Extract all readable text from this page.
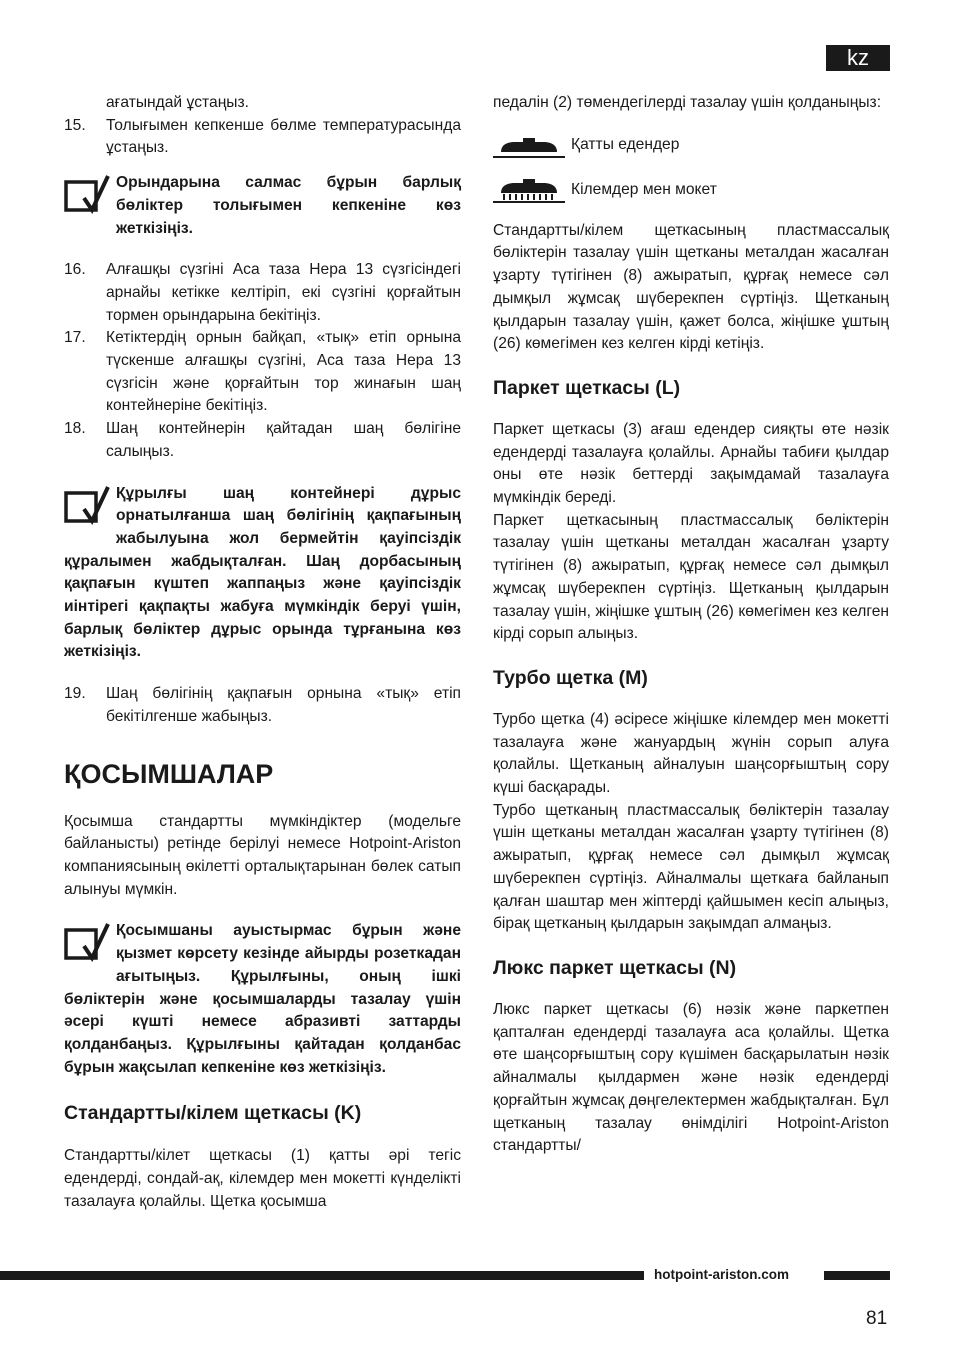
kz

ағатындай ұстаңыз.

15.	Толығымен кепкенше бөлме температурасында ұстаңыз.

Орындарына салмас бұрын барлық бөліктер толығымен кепкеніне көз жеткізіңіз.

16.	Алғашқы сүзгіні Аса таза Hepa 13 сүзгісіндегі арнайы кетікке келтіріп, екі сүзгіні қорғайтын тормен орындарына бекітіңіз.
17.	Кетіктердің орнын байқап, «тық» етіп орнына түскенше алғашқы сүзгіні, Аса таза Hepa 13 сүзгісін және қорғайтын тор жинағын шаң контейнеріне бекітіңіз.
18.	Шаң контейнерін қайтадан шаң бөлігіне салыңыз.

Құрылғы шаң контейнері дұрыс орнатылғанша шаң бөлігінің қақпағының жабылуына жол бермейтін қауіпсіздік құралымен жабдықталған. Шаң дорбасының қақпағын күштеп жаппаңыз және қауіпсіздік иінтірегі қақпақты жабуға мүмкіндік беруі үшін, барлық бөліктер дұрыс орында тұрғанына көз жеткізіңіз.

19.	Шаң бөлігінің қақпағын орнына «тық» етіп бекітілгенше жабыңыз.
ҚОСЫМШАЛАР

Қосымша стандартты мүмкіндіктер (модельге байланысты) ретінде берілуі немесе Hotpoint-Ariston компаниясының өкілетті орталықтарынан бөлек сатып алынуы мүмкін.

Қосымшаны ауыстырмас бұрын және қызмет көрсету кезінде айырды розеткадан ағытыңыз. Құрылғыны, оның ішкі бөліктерін және қосымшаларды тазалау үшін әсері күшті немесе абразивті заттарды қолданбаңыз. Құрылғыны қайтадан қолданбас бұрын жақсылап кепкеніне көз жеткізіңіз.

Стандартты/кілем щеткасы (K)

Стандартты/кілет щеткасы (1) қатты әрі тегіс едендерді, сондай-ақ, кілемдер мен мокетті күнделікті тазалауға қолайлы. Щетка қосымша

педалін (2) төмендегілерді тазалау үшін қолданыңыз:

Қатты едендер
Кілемдер мен мокет

Стандартты/кілем щеткасының пластмассалық бөліктерін тазалау үшін щетканы металдан жасалған ұзарту түтігінен (8) ажыратып, құрғақ немесе сәл дымқыл жұмсақ шүберекпен сүртіңіз. Щетканың қылдарын тазалау үшін, қажет болса, жіңішке ұштың (26) көмегімен кез келген кірді кетіңіз.

Паркет щеткасы (L)

Паркет щеткасы (3) ағаш едендер сияқты өте нәзік едендерді тазалауға қолайлы. Арнайы табиғи қылдар оны өте нәзік беттерді зақымдамай тазалауға мүмкіндік береді.

Паркет щеткасының пластмассалық бөліктерін тазалау үшін щетканы металдан жасалған ұзарту түтігінен (8) ажыратып, құрғақ немесе сәл дымқыл жұмсақ шүберекпен сүртіңіз. Щетканың қылдарын тазалау үшін, жіңішке ұштың (26) көмегімен кез келген кірді сорып алыңыз.

Турбо щетка (M)

Турбо щетка (4) әсіресе жіңішке кілемдер мен мокетті тазалауға және жануардың жүнін сорып алуға қолайлы. Щетканың айналуын шаңсорғыштың сору күші басқарады.

Турбо щетканың пластмассалық бөліктерін тазалау үшін щетканы металдан жасалған ұзарту түтігінен (8) ажыратып, құрғақ немесе сәл дымқыл жұмсақ шүберекпен сүртіңіз. Айналмалы щеткаға байланып қалған шаштар мен жіптерді қайшымен кесіп алыңыз, бірақ щетканың қылдарын зақымдап алмаңыз.

Люкс паркет щеткасы (N)

Люкс паркет щеткасы (6) нәзік және паркетпен қапталған едендерді тазалауға аса қолайлы. Щетка өте шаңсорғыштың сору күшімен басқарылатын нәзік айналмалы қылдармен және нәзік едендерді қорғайтын жұмсақ дөңгелектермен жабдықталған. Бұл щетканың тазалау өнімділігі Hotpoint-Ariston стандартты/

hotpoint-ariston.com
81
